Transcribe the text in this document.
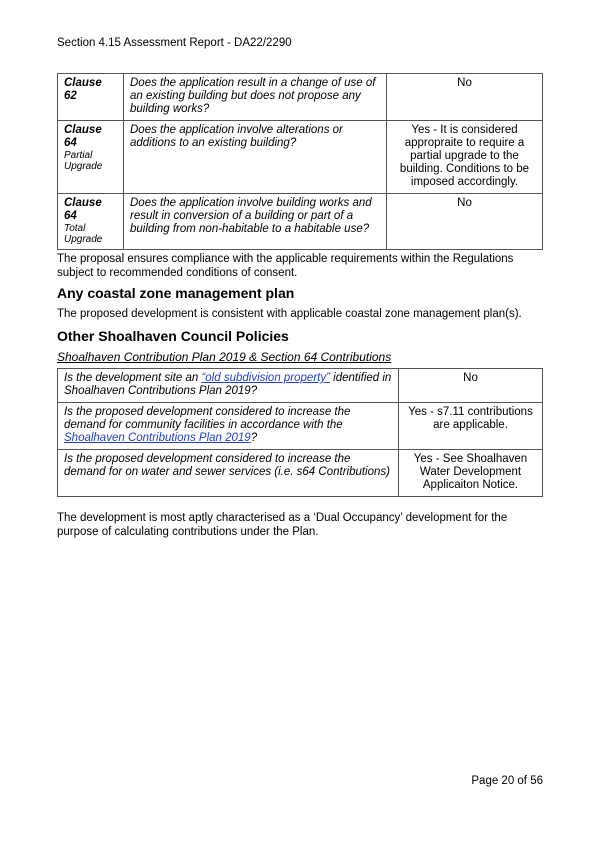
Section 4.15 Assessment Report - DA22/2290
Clause 62	Does the application result in a change of use of an existing building but does not propose any building works?	No

Clause 64
Partial Upgrade	Does the application involve alterations or additions to an existing building?	Yes - It is considered appropraite to require a partial upgrade to the building. Conditions to be imposed accordingly.

Clause 64
Total Upgrade	Does the application involve building works and result in conversion of a building or part of a building from non-habitable to a habitable use?	No

The proposal ensures compliance with the applicable requirements within the Regulations subject to recommended conditions of consent.

Any coastal zone management plan

The proposed development is consistent with applicable coastal zone management plan(s).

Other Shoalhaven Council Policies

Shoalhaven Contribution Plan 2019 & Section 64 Contributions

Is the development site an “old subdivision property” identified in Shoalhaven Contributions Plan 2019?	No
Is the proposed development considered to increase the demand for community facilities in accordance with the Shoalhaven Contributions Plan 2019?	Yes - s7.11 contributions are applicable.
Is the proposed development considered to increase the demand for on water and sewer services (i.e. s64 Contributions)	Yes - See Shoalhaven Water Development Applicaiton Notice.

The development is most aptly characterised as a ‘Dual Occupancy’ development for the purpose of calculating contributions under the Plan.

Page 20 of 56
